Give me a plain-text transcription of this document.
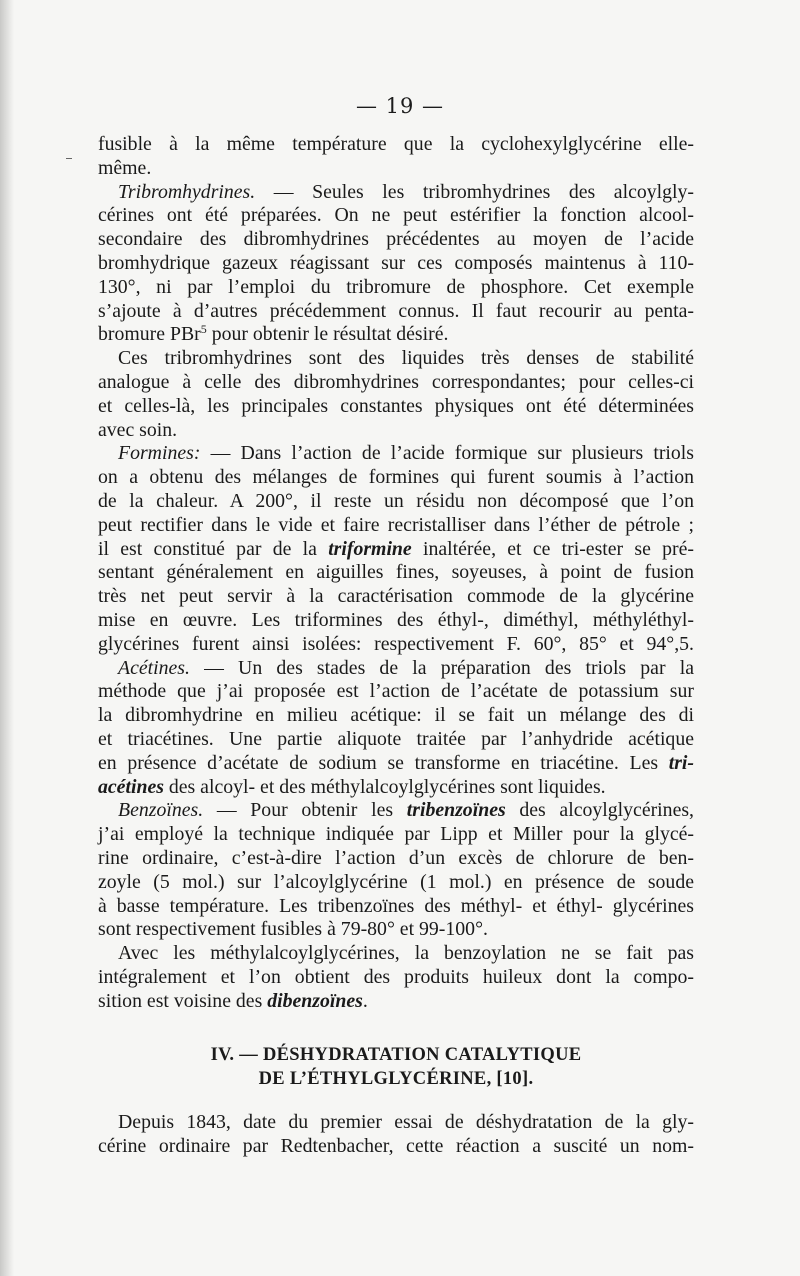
— 19 —
fusible à la même température que la cyclohexylglycérine elle-
même.
Tribromhydrines. — Seules les tribromhydrines des alcoylgly-
cérines ont été préparées. On ne peut estérifier la fonction alcool-
secondaire des dibromhydrines précédentes au moyen de l’acide
bromhydrique gazeux réagissant sur ces composés maintenus à 110-
130°, ni par l’emploi du tribromure de phosphore. Cet exemple
s’ajoute à d’autres précédemment connus. Il faut recourir au penta-
bromure PBr$^5$ pour obtenir le résultat désiré.
Ces tribromhydrines sont des liquides très denses de stabilité
analogue à celle des dibromhydrines correspondantes; pour celles-ci
et celles-là, les principales constantes physiques ont été déterminées
avec soin.
Formines: — Dans l’action de l’acide formique sur plusieurs triols
on a obtenu des mélanges de formines qui furent soumis à l’action
de la chaleur. A 200°, il reste un résidu non décomposé que l’on
peut rectifier dans le vide et faire recristalliser dans l’éther de pétrole ;
il est constitué par de la triformine inaltérée, et ce tri-ester se pré-
sentant généralement en aiguilles fines, soyeuses, à point de fusion
très net peut servir à la caractérisation commode de la glycérine
mise en œuvre. Les triformines des éthyl-, diméthyl, méthyléthyl-
glycérines furent ainsi isolées: respectivement F. 60°, 85° et 94°,5.
Acétines. — Un des stades de la préparation des triols par la
méthode que j’ai proposée est l’action de l’acétate de potassium sur
la dibromhydrine en milieu acétique: il se fait un mélange des di
et triacétines. Une partie aliquote traitée par l’anhydride acétique
en présence d’acétate de sodium se transforme en triacétine. Les tri-
acétines des alcoyl- et des méthylalcoylglycérines sont liquides.
Benzoïnes. — Pour obtenir les tribenzoïnes des alcoylglycérines,
j’ai employé la technique indiquée par Lipp et Miller pour la glycé-
rine ordinaire, c’est-à-dire l’action d’un excès de chlorure de ben-
zoyle (5 mol.) sur l’alcoylglycérine (1 mol.) en présence de soude
à basse température. Les tribenzoïnes des méthyl- et éthyl- glycérines
sont respectivement fusibles à 79-80° et 99-100°.
Avec les méthylalcoylglycérines, la benzoylation ne se fait pas
intégralement et l’on obtient des produits huileux dont la compo-
sition est voisine des dibenzoïnes.
IV. — DÉSHYDRATATION CATALYTIQUE
DE L’ÉTHYLGLYCÉRINE, [10].
Depuis 1843, date du premier essai de déshydratation de la gly-
cérine ordinaire par Redtenbacher, cette réaction a suscité un nom-
